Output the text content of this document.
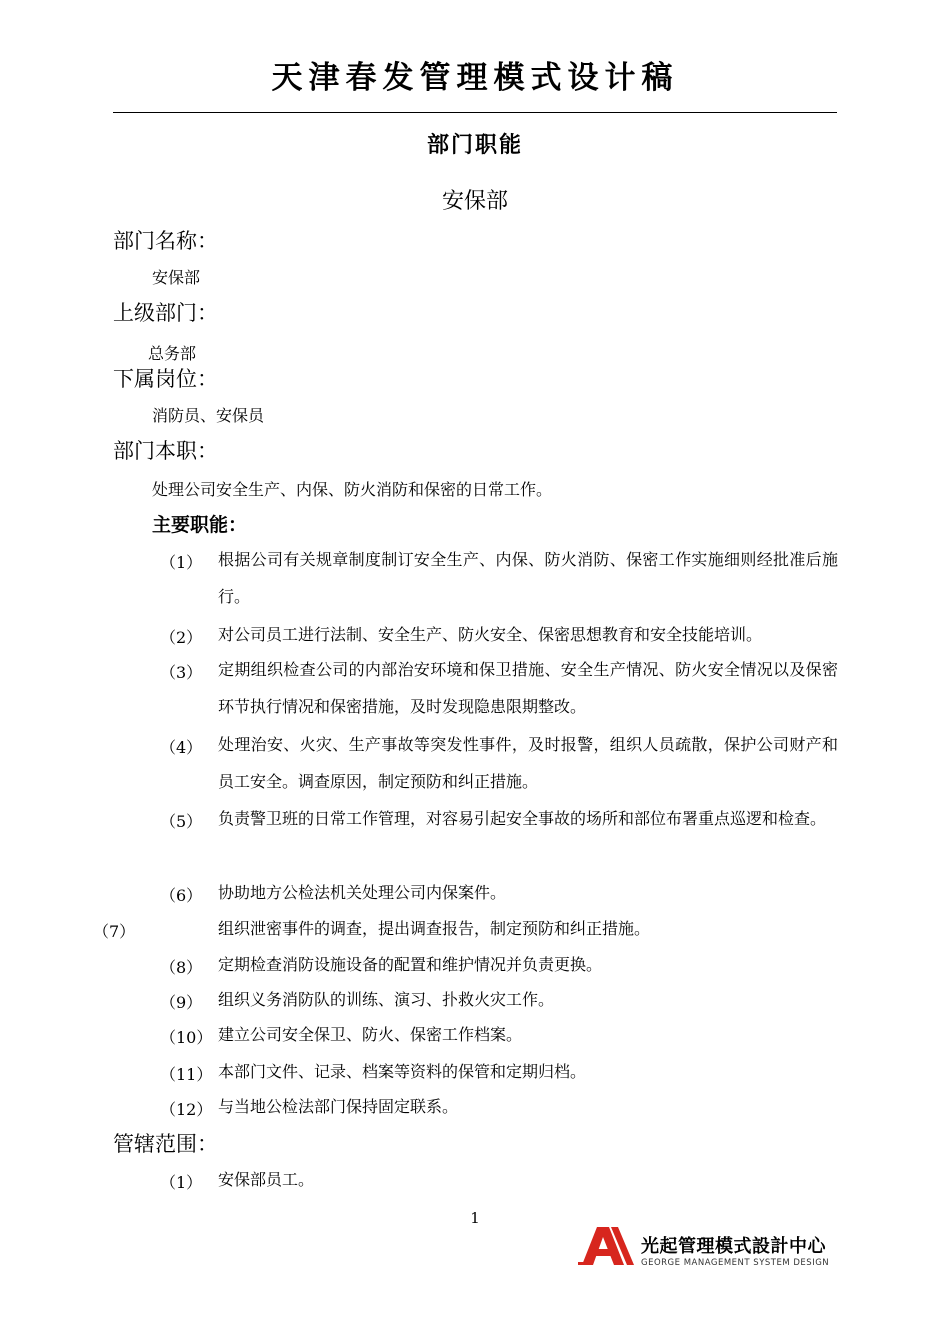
天津春发管理模式设计稿
部门职能
安保部
部门名称：
安保部
上级部门：
总务部
下属岗位：
消防员、安保员
部门本职：
处理公司安全生产、内保、防火消防和保密的日常工作。
主要职能：
（1） 根据公司有关规章制度制订安全生产、内保、防火消防、保密工作实施细则经批准后施行。
（2） 对公司员工进行法制、安全生产、防火安全、保密思想教育和安全技能培训。
（3） 定期组织检查公司的内部治安环境和保卫措施、安全生产情况、防火安全情况以及保密环节执行情况和保密措施，及时发现隐患限期整改。
（4） 处理治安、火灾、生产事故等突发性事件，及时报警，组织人员疏散，保护公司财产和员工安全。调查原因，制定预防和纠正措施。
（5） 负责警卫班的日常工作管理，对容易引起安全事故的场所和部位布署重点巡逻和检查。
（6） 协助地方公检法机关处理公司内保案件。
（7）	组织泄密事件的调查，提出调查报告，制定预防和纠正措施。
（8） 定期检查消防设施设备的配置和维护情况并负责更换。
（9） 组织义务消防队的训练、演习、扑救火灾工作。
（10） 建立公司安全保卫、防火、保密工作档案。
（11） 本部门文件、记录、档案等资料的保管和定期归档。
（12） 与当地公检法部门保持固定联系。
管辖范围：
（1） 安保部员工。
1
光起管理模式設計中心
GEORGE MANAGEMENT SYSTEM DESIGN
